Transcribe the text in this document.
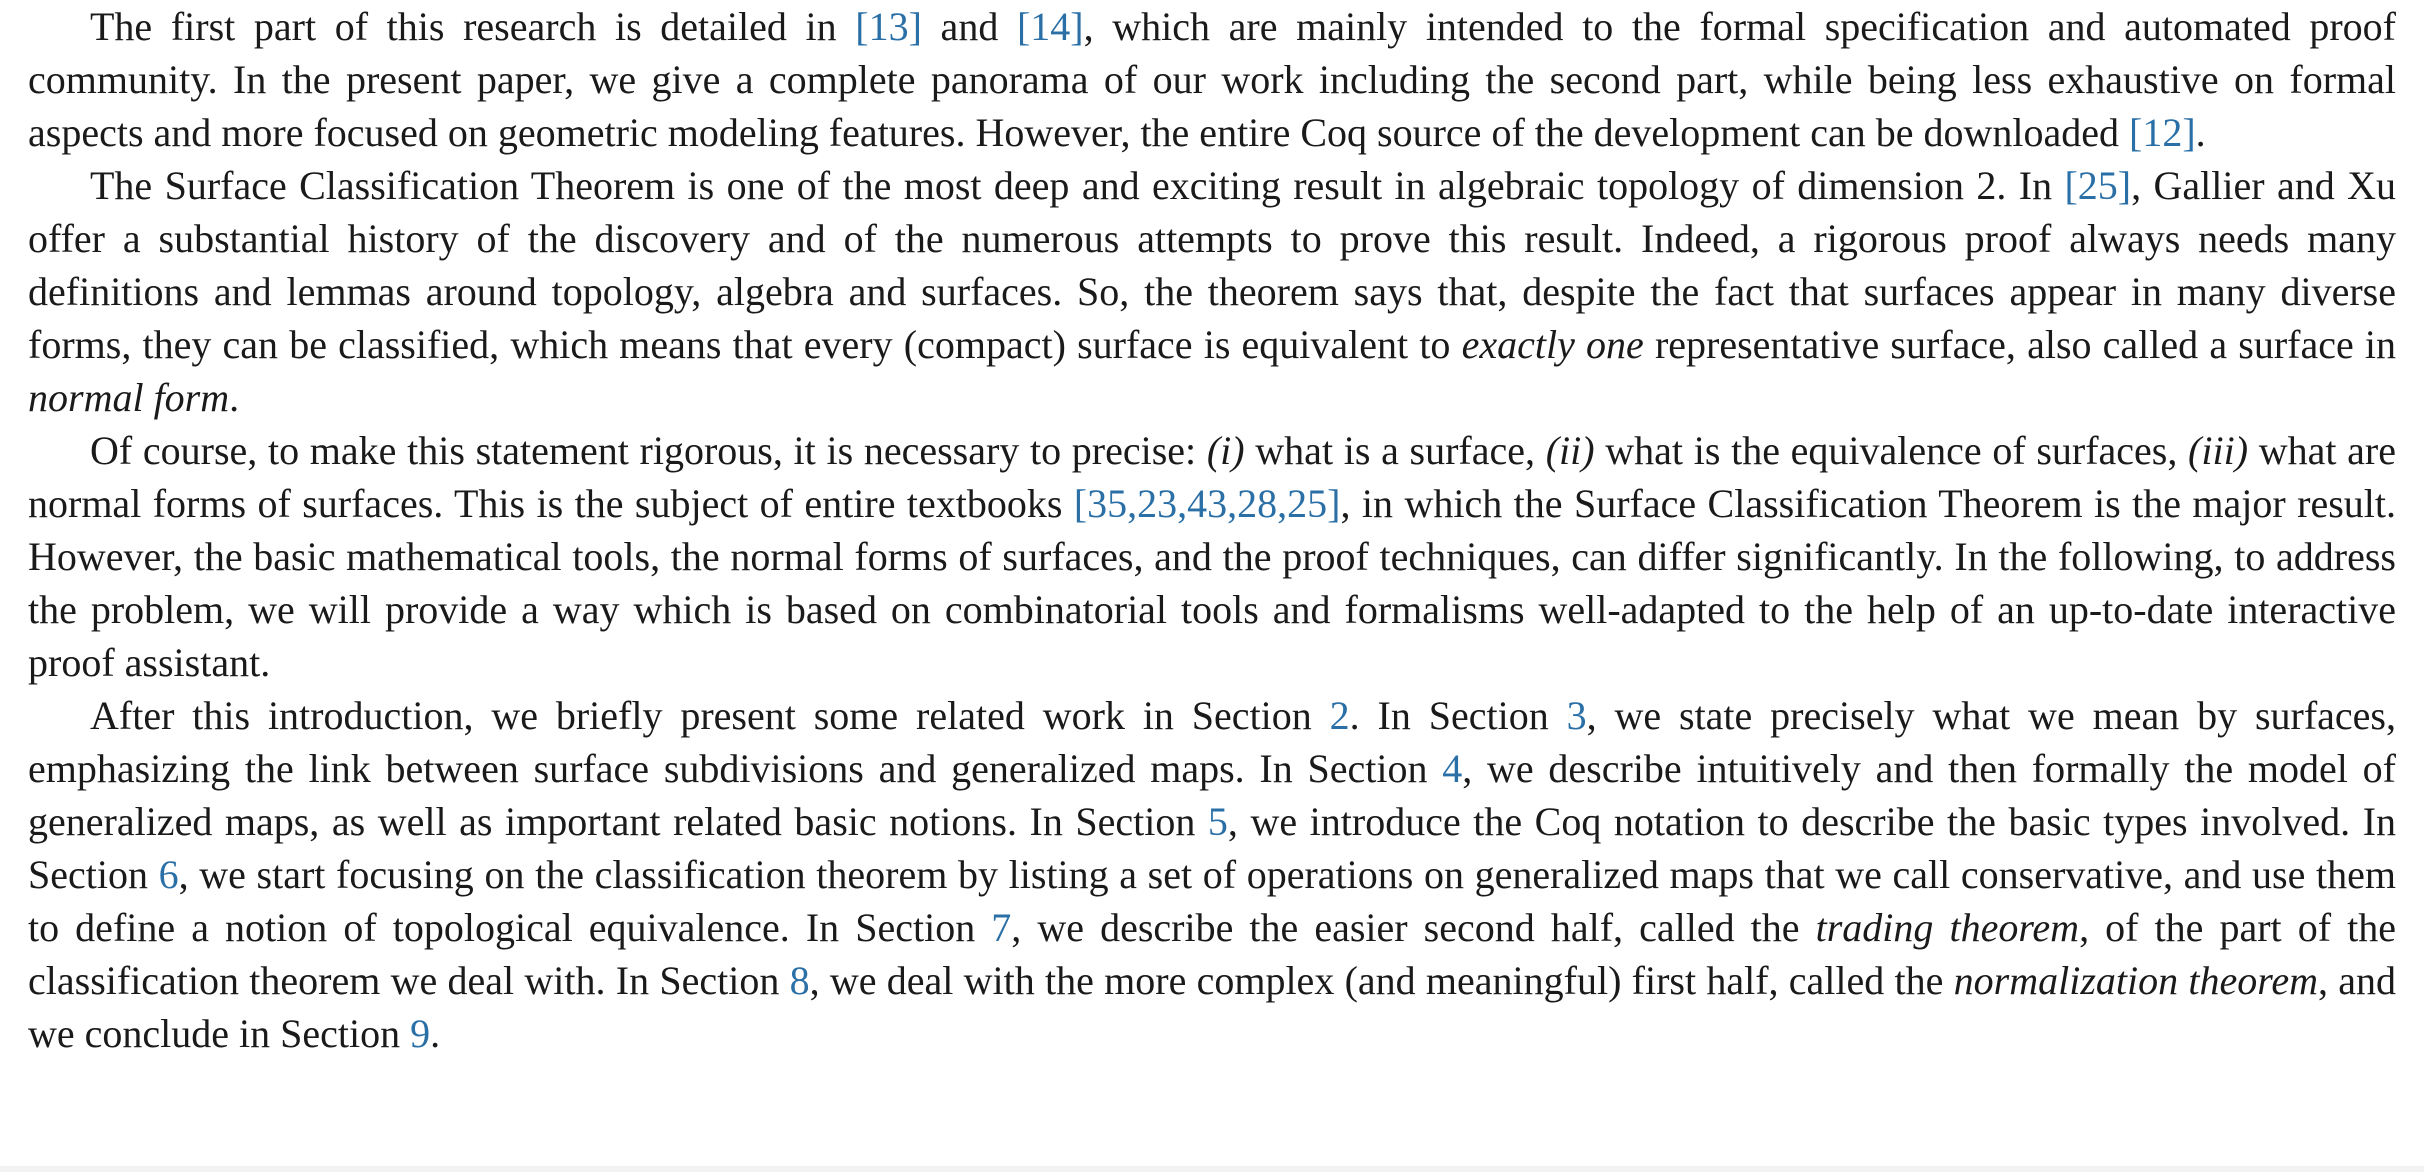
The first part of this research is detailed in [13] and [14], which are mainly intended to the formal specification and automated proof community. In the present paper, we give a complete panorama of our work including the second part, while being less exhaustive on formal aspects and more focused on geometric modeling features. However, the entire Coq source of the development can be downloaded [12].

The Surface Classification Theorem is one of the most deep and exciting result in algebraic topology of dimension 2. In [25], Gallier and Xu offer a substantial history of the discovery and of the numerous attempts to prove this result. Indeed, a rigorous proof always needs many definitions and lemmas around topology, algebra and surfaces. So, the theorem says that, despite the fact that surfaces appear in many diverse forms, they can be classified, which means that every (compact) surface is equivalent to exactly one representative surface, also called a surface in normal form.

Of course, to make this statement rigorous, it is necessary to precise: (i) what is a surface, (ii) what is the equivalence of surfaces, (iii) what are normal forms of surfaces. This is the subject of entire textbooks [35,23,43,28,25], in which the Surface Classification Theorem is the major result. However, the basic mathematical tools, the normal forms of surfaces, and the proof techniques, can differ significantly. In the following, to address the problem, we will provide a way which is based on combinatorial tools and formalisms well-adapted to the help of an up-to-date interactive proof assistant.

After this introduction, we briefly present some related work in Section 2. In Section 3, we state precisely what we mean by surfaces, emphasizing the link between surface subdivisions and generalized maps. In Section 4, we describe intuitively and then formally the model of generalized maps, as well as important related basic notions. In Section 5, we introduce the Coq notation to describe the basic types involved. In Section 6, we start focusing on the classification theorem by listing a set of operations on generalized maps that we call conservative, and use them to define a notion of topological equivalence. In Section 7, we describe the easier second half, called the trading theorem, of the part of the classification theorem we deal with. In Section 8, we deal with the more complex (and meaningful) first half, called the normalization theorem, and we conclude in Section 9.
